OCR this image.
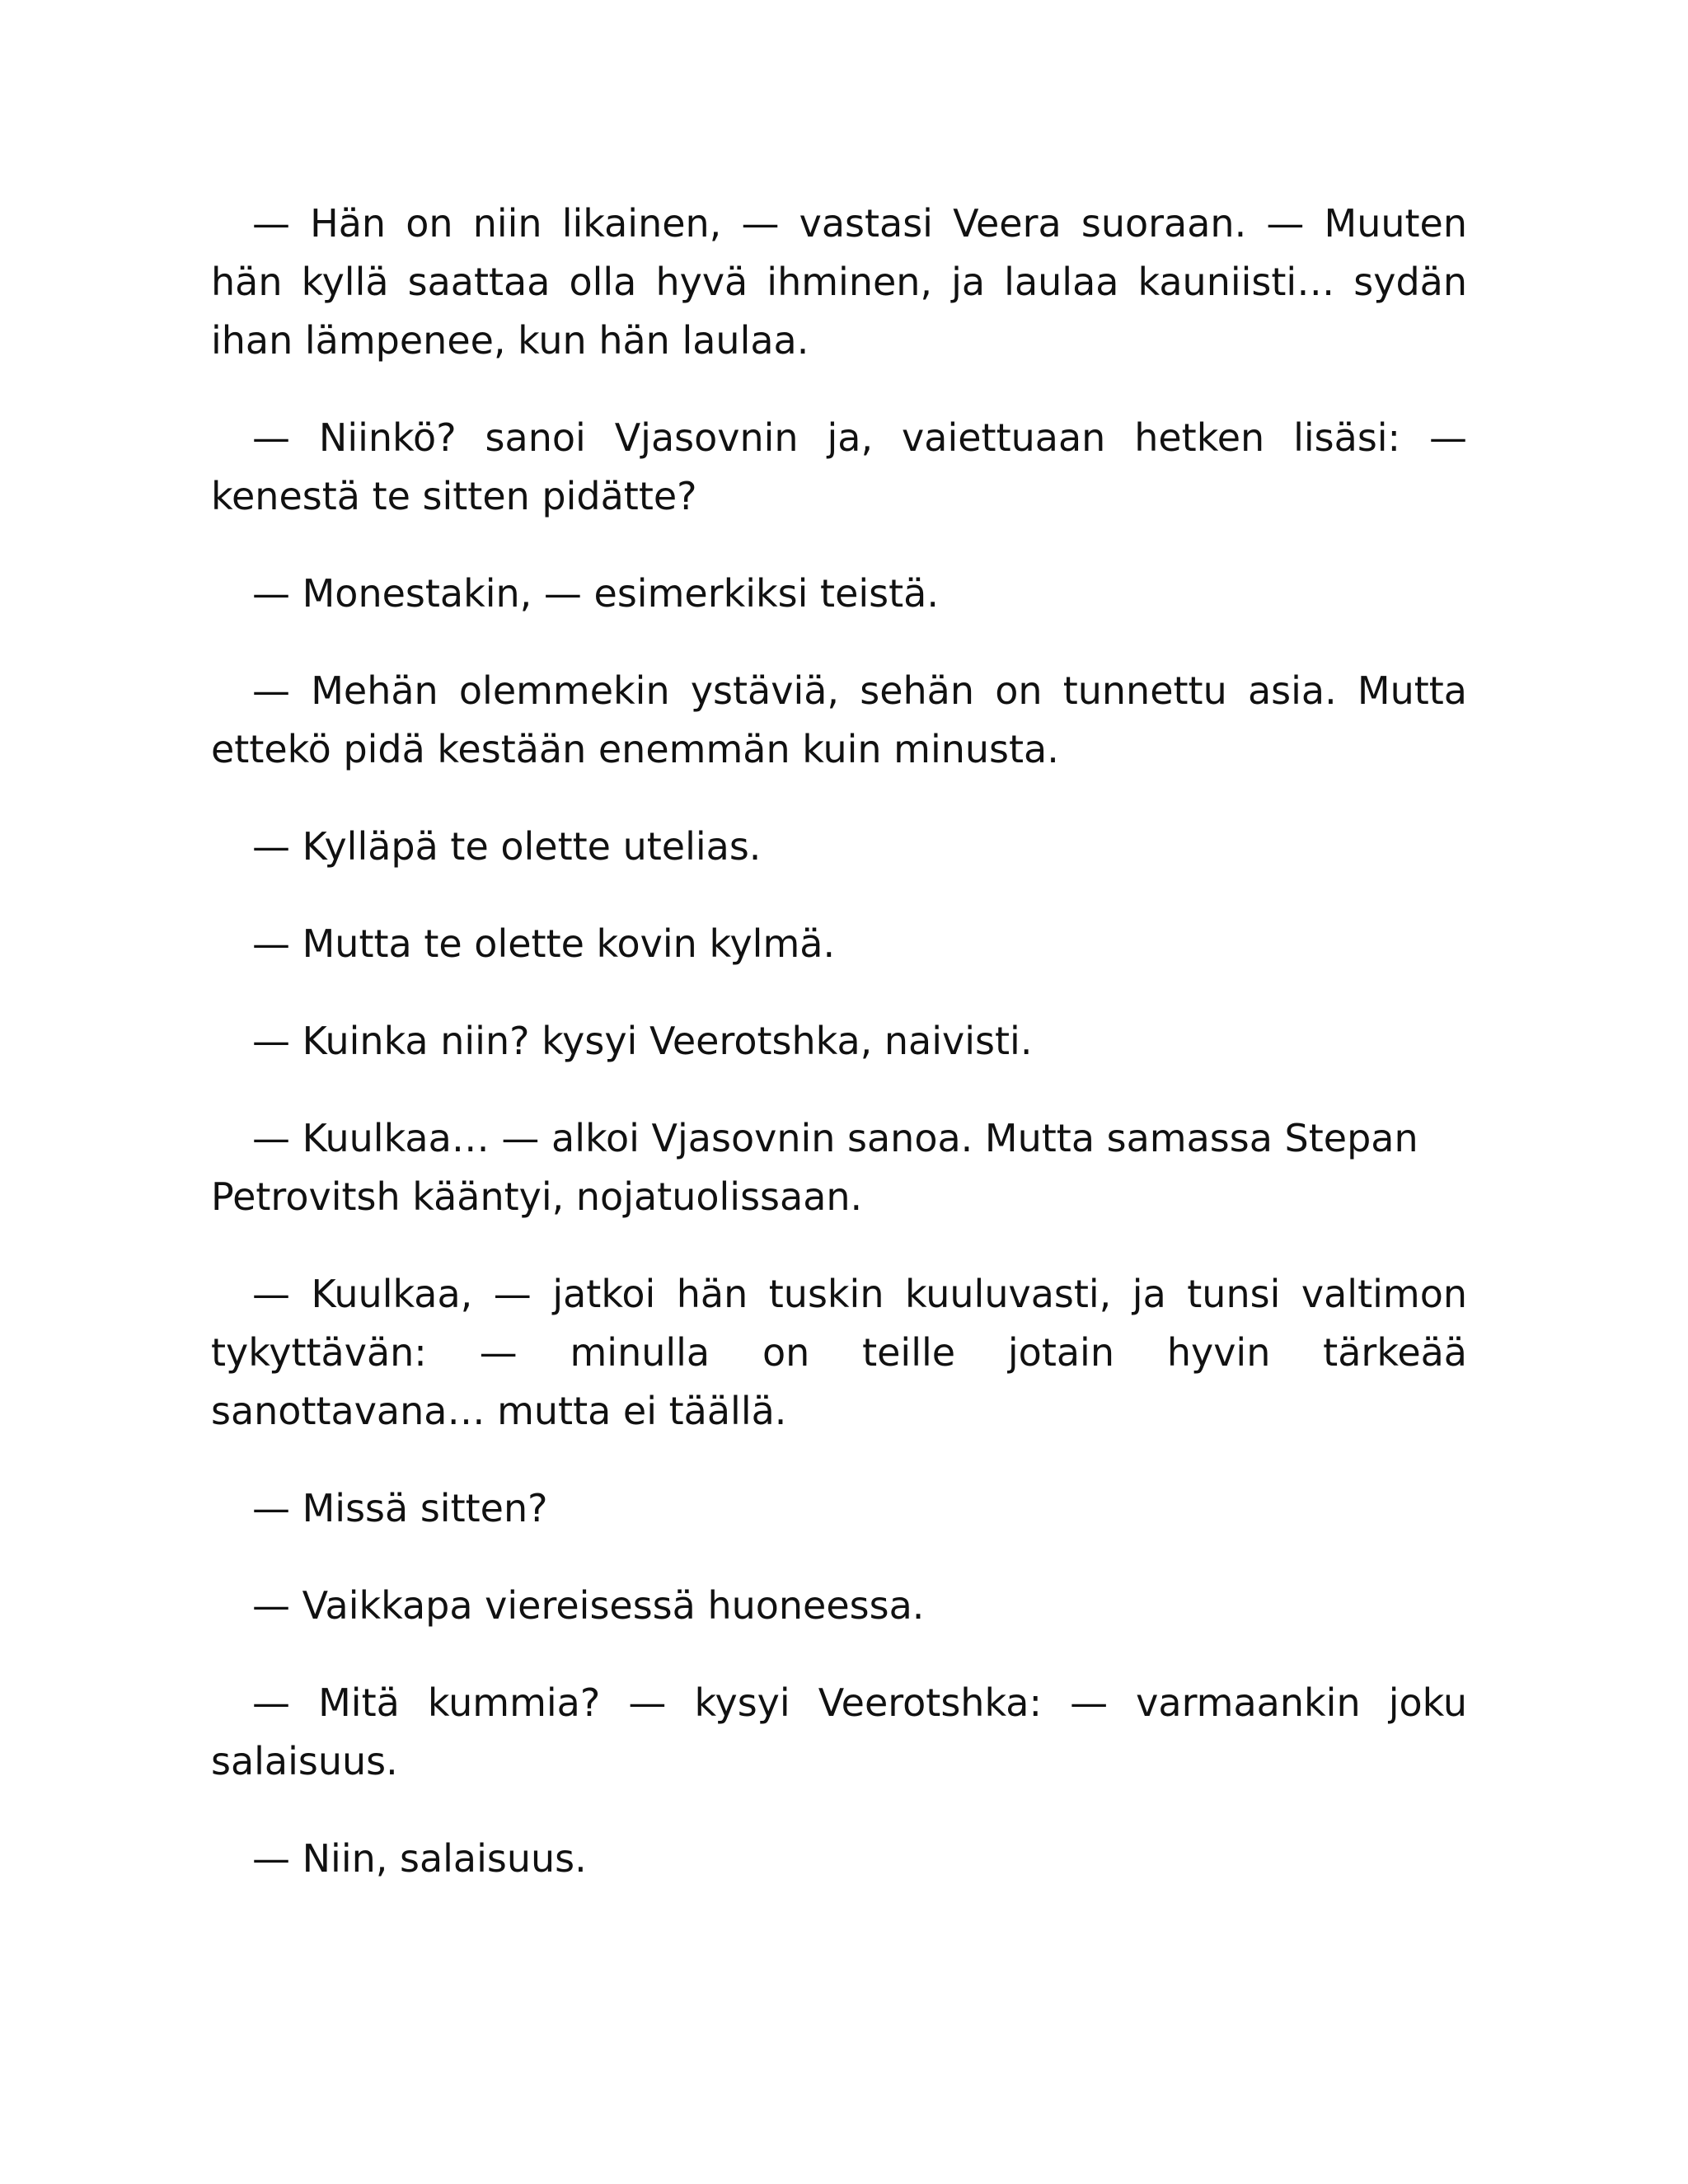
— Hän on niin likainen, — vastasi Veera suoraan. — Muuten hän kyllä saattaa olla hyvä ihminen, ja laulaa kauniisti… sydän ihan lämpenee, kun hän laulaa.

— Niinkö? sanoi Vjasovnin ja, vaiettuaan hetken lisäsi: — kenestä te sitten pidätte?

— Monestakin, — esimerkiksi teistä.

— Mehän olemmekin ystäviä, sehän on tunnettu asia. Mutta ettekö pidä kestään enemmän kuin minusta.

— Kylläpä te olette utelias.

— Mutta te olette kovin kylmä.

— Kuinka niin? kysyi Veerotshka, naivisti.

— Kuulkaa… — alkoi Vjasovnin sanoa. Mutta samassa Stepan Petrovitsh kääntyi, nojatuolissaan.

— Kuulkaa, — jatkoi hän tuskin kuuluvasti, ja tunsi valtimon tykyttävän: — minulla on teille jotain hyvin tärkeää sanottavana… mutta ei täällä.

— Missä sitten?

— Vaikkapa viereisessä huoneessa.

— Mitä kummia? — kysyi Veerotshka: — varmaankin joku salaisuus.

— Niin, salaisuus.
